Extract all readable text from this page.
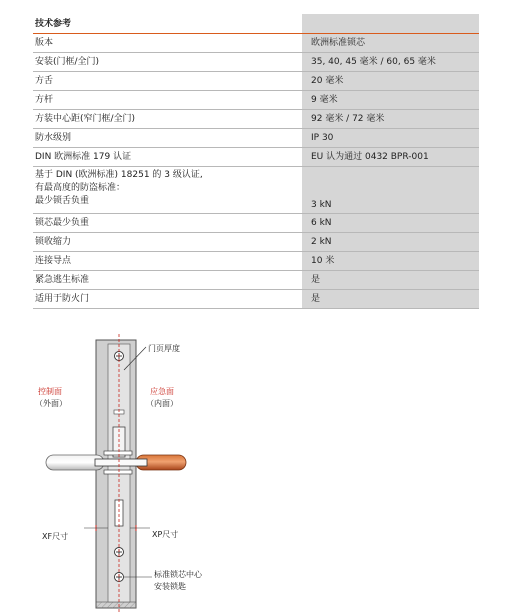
技术参考	
版本	欧洲标准锁芯
安装(门框/全门)	35, 40, 45 毫米 / 60, 65 毫米
方舌	20 毫米
方杆	9 毫米
方装中心距(窄门框/全门)	92 毫米 / 72 毫米
防水级别	IP 30
DIN 欧洲标准 179 认证	EU 认为通过 0432 BPR-001

基于 DIN (欧洲标准) 18251 的 3 级认证,
有最高度的防盗标准：
最少锁舌负重	3 kN
锁芯最少负重	6 kN
锁收缩力	2 kN
连接导点	10 米
紧急逃生标准	是
适用于防火门	是
门页厚度
控制面
（外面）
应急面
（内面）
XF尺寸	XP尺寸
标准锁芯中心
安装锁匙
